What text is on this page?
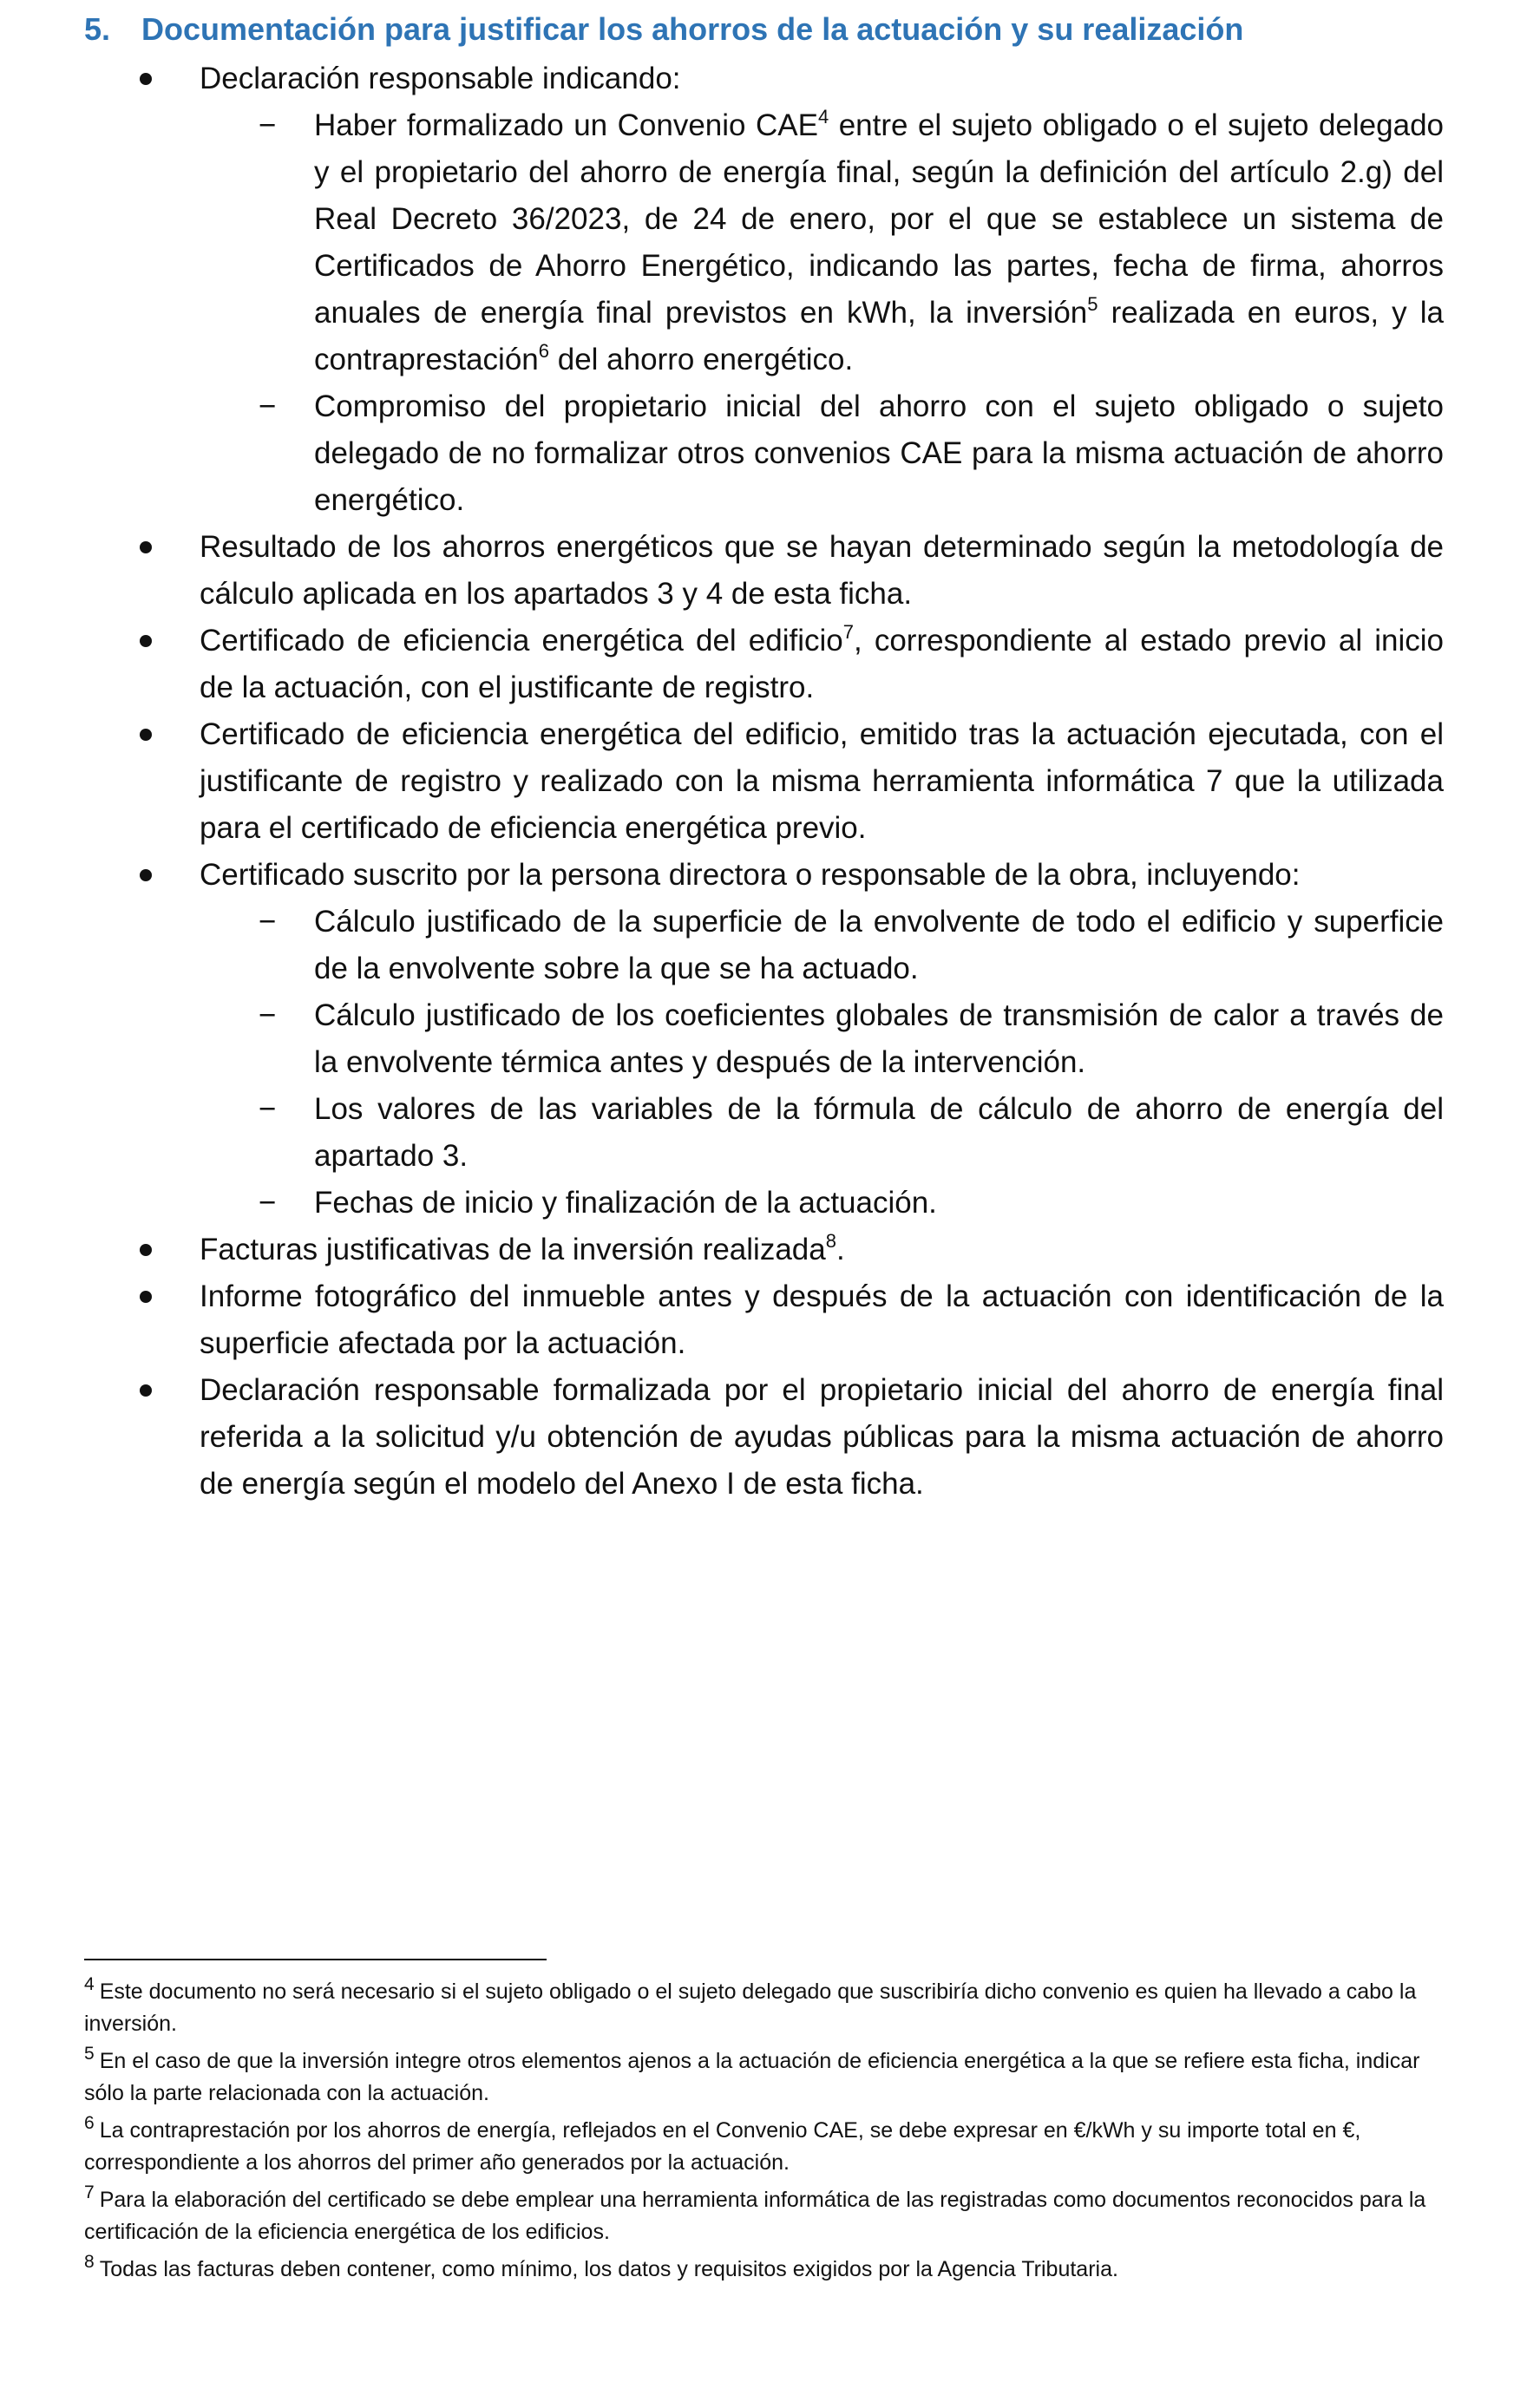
5. Documentación para justificar los ahorros de la actuación y su realización
Declaración responsable indicando:
− Haber formalizado un Convenio CAE$^4$ entre el sujeto obligado o el sujeto delegado y el propietario del ahorro de energía final, según la definición del artículo 2.g) del Real Decreto 36/2023, de 24 de enero, por el que se establece un sistema de Certificados de Ahorro Energético, indicando las partes, fecha de firma, ahorros anuales de energía final previstos en kWh, la inversión$^5$ realizada en euros, y la contraprestación$^6$ del ahorro energético.
− Compromiso del propietario inicial del ahorro con el sujeto obligado o sujeto delegado de no formalizar otros convenios CAE para la misma actuación de ahorro energético.
Resultado de los ahorros energéticos que se hayan determinado según la metodología de cálculo aplicada en los apartados 3 y 4 de esta ficha.
Certificado de eficiencia energética del edificio$^7$, correspondiente al estado previo al inicio de la actuación, con el justificante de registro.
Certificado de eficiencia energética del edificio, emitido tras la actuación ejecutada, con el justificante de registro y realizado con la misma herramienta informática 7 que la utilizada para el certificado de eficiencia energética previo.
Certificado suscrito por la persona directora o responsable de la obra, incluyendo:
− Cálculo justificado de la superficie de la envolvente de todo el edificio y superficie de la envolvente sobre la que se ha actuado.
− Cálculo justificado de los coeficientes globales de transmisión de calor a través de la envolvente térmica antes y después de la intervención.
− Los valores de las variables de la fórmula de cálculo de ahorro de energía del apartado 3.
− Fechas de inicio y finalización de la actuación.
Facturas justificativas de la inversión realizada$^8$.
Informe fotográfico del inmueble antes y después de la actuación con identificación de la superficie afectada por la actuación.
Declaración responsable formalizada por el propietario inicial del ahorro de energía final referida a la solicitud y/u obtención de ayudas públicas para la misma actuación de ahorro de energía según el modelo del Anexo I de esta ficha.
$^4$ Este documento no será necesario si el sujeto obligado o el sujeto delegado que suscribiría dicho convenio es quien ha llevado a cabo la inversión.
$^5$ En el caso de que la inversión integre otros elementos ajenos a la actuación de eficiencia energética a la que se refiere esta ficha, indicar sólo la parte relacionada con la actuación.
$^6$ La contraprestación por los ahorros de energía, reflejados en el Convenio CAE, se debe expresar en €/kWh y su importe total en €, correspondiente a los ahorros del primer año generados por la actuación.
$^7$ Para la elaboración del certificado se debe emplear una herramienta informática de las registradas como documentos reconocidos para la certificación de la eficiencia energética de los edificios.
$^8$ Todas las facturas deben contener, como mínimo, los datos y requisitos exigidos por la Agencia Tributaria.
